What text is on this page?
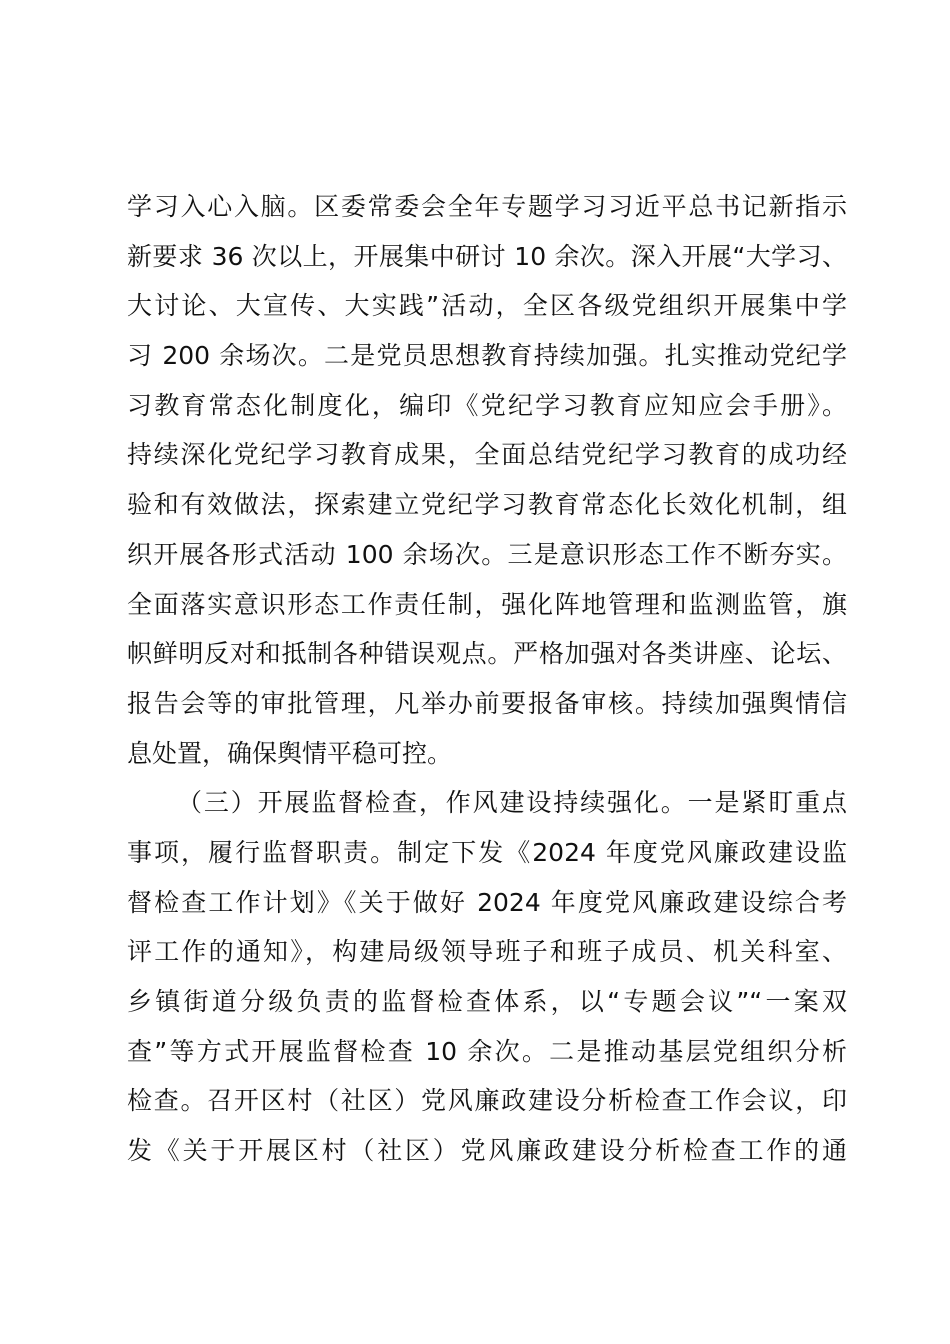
学习入心入脑。区委常委会全年专题学习习近平总书记新指示
新要求 36 次以上，开展集中研讨 10 余次。深入开展“大学习、
大讨论、大宣传、大实践”活动，全区各级党组织开展集中学
习 200 余场次。二是党员思想教育持续加强。扎实推动党纪学
习教育常态化制度化，编印《党纪学习教育应知应会手册》。
持续深化党纪学习教育成果，全面总结党纪学习教育的成功经
验和有效做法，探索建立党纪学习教育常态化长效化机制，组
织开展各形式活动 100 余场次。三是意识形态工作不断夯实。
全面落实意识形态工作责任制，强化阵地管理和监测监管，旗
帜鲜明反对和抵制各种错误观点。严格加强对各类讲座、论坛、
报告会等的审批管理，凡举办前要报备审核。持续加强舆情信
息处置，确保舆情平稳可控。
（三）开展监督检查，作风建设持续强化。一是紧盯重点
事项，履行监督职责。制定下发《2024 年度党风廉政建设监
督检查工作计划》《关于做好 2024 年度党风廉政建设综合考
评工作的通知》，构建局级领导班子和班子成员、机关科室、
乡镇街道分级负责的监督检查体系，以“专题会议”“一案双
查”等方式开展监督检查 10 余次。二是推动基层党组织分析
检查。召开区村（社区）党风廉政建设分析检查工作会议，印
发《关于开展区村（社区）党风廉政建设分析检查工作的通
